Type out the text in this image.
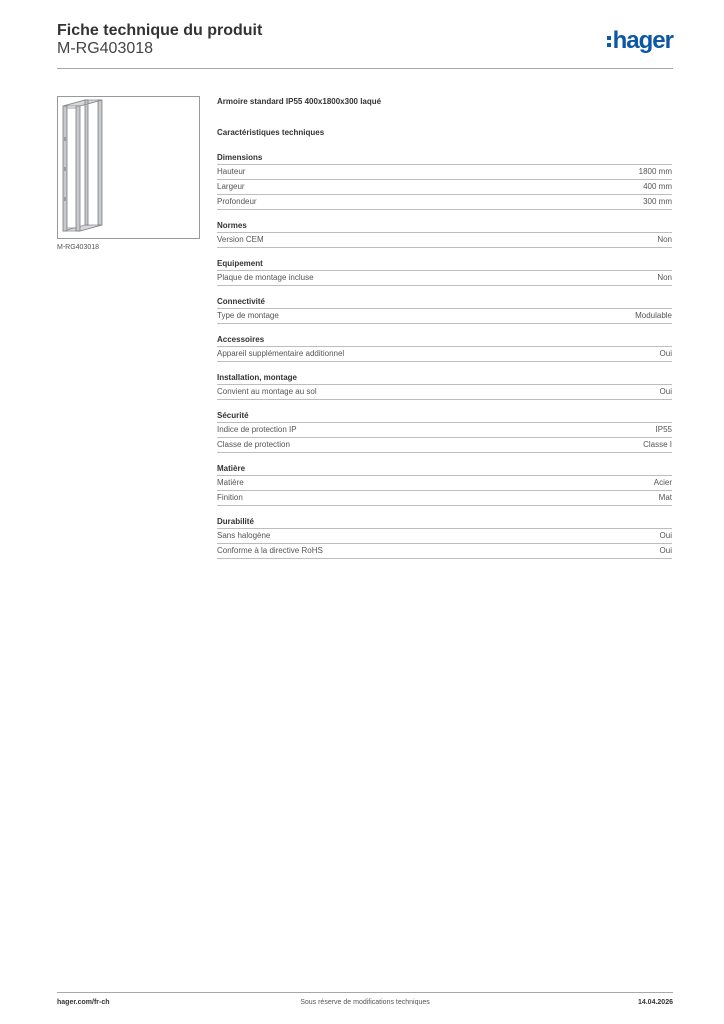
Fiche technique du produit
M-RG403018	hager
M-RG403018
Armoire standard IP55 400x1800x300 laqué
Caractéristiques techniques
Dimensions
Hauteur	1800 mm
Largeur	400 mm
Profondeur	300 mm
Normes
Version CEM	Non
Equipement
Plaque de montage incluse	Non
Connectivité
Type de montage	Modulable
Accessoires
Appareil supplémentaire additionnel	Oui
Installation, montage
Convient au montage au sol	Oui
Sécurité
Indice de protection IP	IP55
Classe de protection	Classe I
Matière
Matière	Acier
Finition	Mat
Durabilité
Sans halogène	Oui
Conforme à la directive RoHS	Oui
hager.com/fr-ch	Sous réserve de modifications techniques	14.04.2026
